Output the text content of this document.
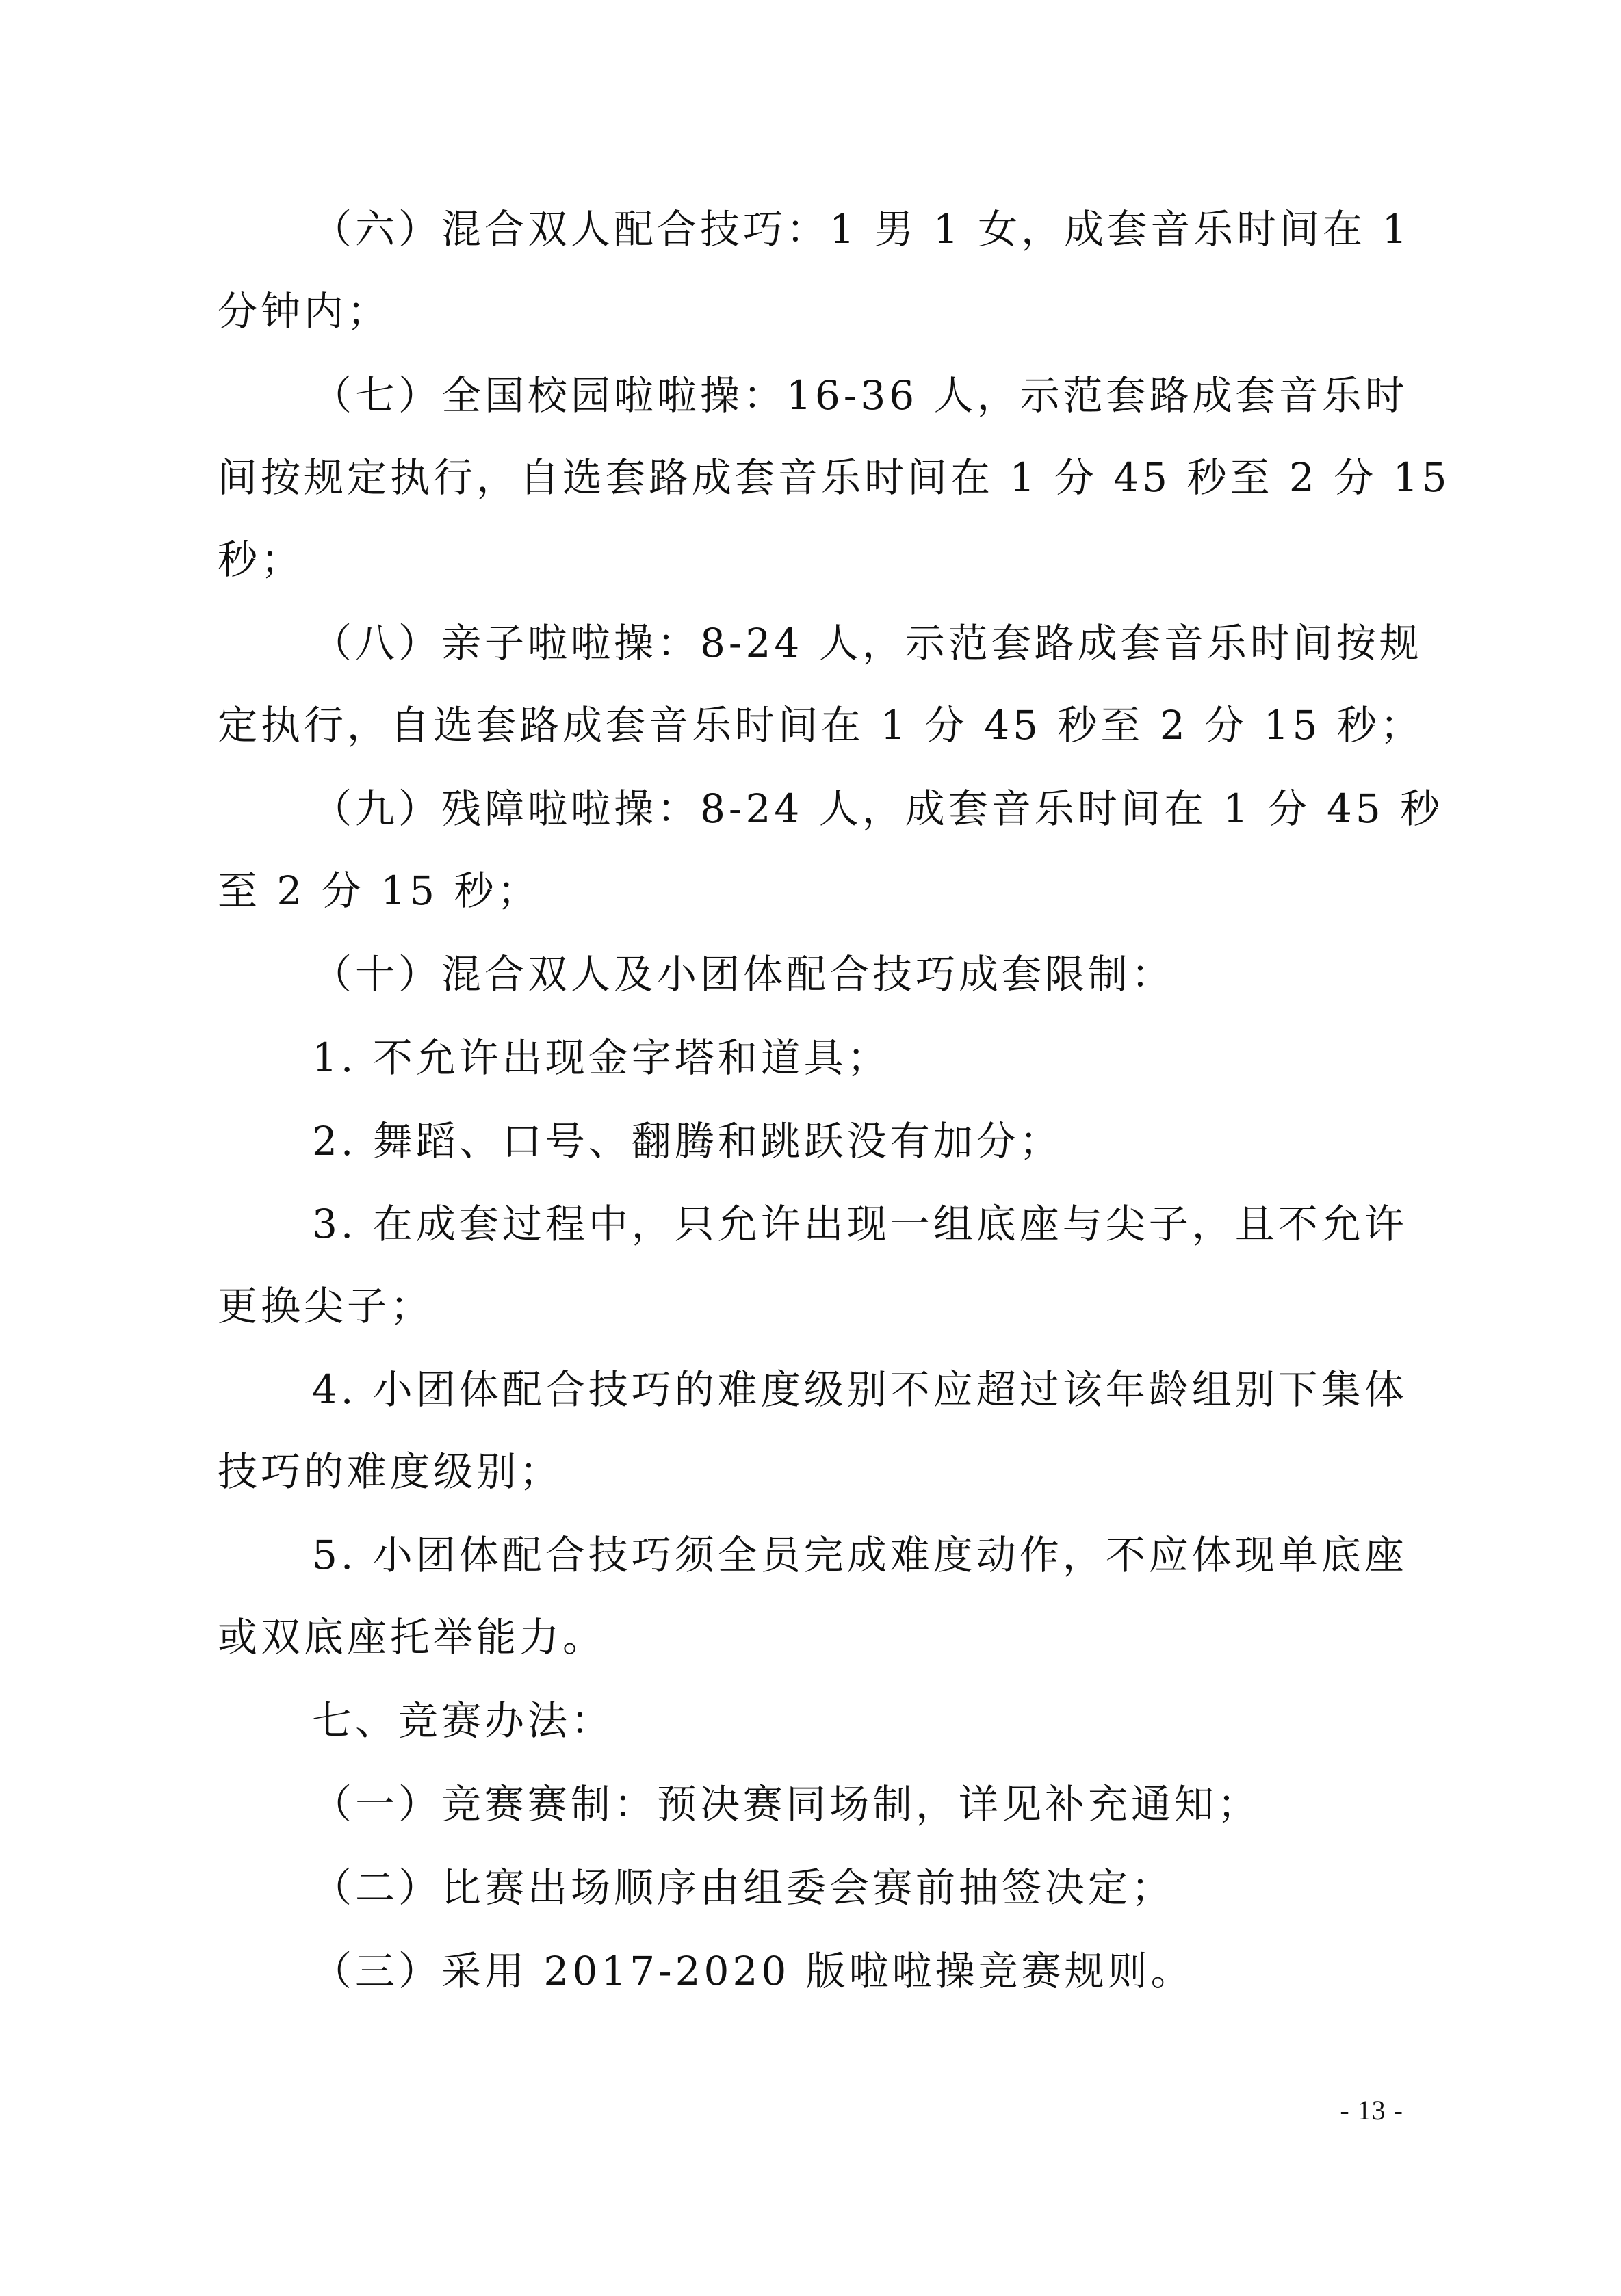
（六）混合双人配合技巧：1 男 1 女，成套音乐时间在 1
分钟内；
（七）全国校园啦啦操：16-36 人，示范套路成套音乐时
间按规定执行，自选套路成套音乐时间在 1 分 45 秒至 2 分 15
秒；
（八）亲子啦啦操：8-24 人，示范套路成套音乐时间按规
定执行，自选套路成套音乐时间在 1 分 45 秒至 2 分 15 秒；
（九）残障啦啦操：8-24 人，成套音乐时间在 1 分 45 秒
至 2 分 15 秒；
（十）混合双人及小团体配合技巧成套限制：
1. 不允许出现金字塔和道具；
2. 舞蹈、口号、翻腾和跳跃没有加分；
3. 在成套过程中，只允许出现一组底座与尖子，且不允许
更换尖子；
4. 小团体配合技巧的难度级别不应超过该年龄组别下集体
技巧的难度级别；
5. 小团体配合技巧须全员完成难度动作，不应体现单底座
或双底座托举能力。
七、竞赛办法：
（一）竞赛赛制：预决赛同场制，详见补充通知；
（二）比赛出场顺序由组委会赛前抽签决定；
（三）采用 2017-2020 版啦啦操竞赛规则。
- 13 -
